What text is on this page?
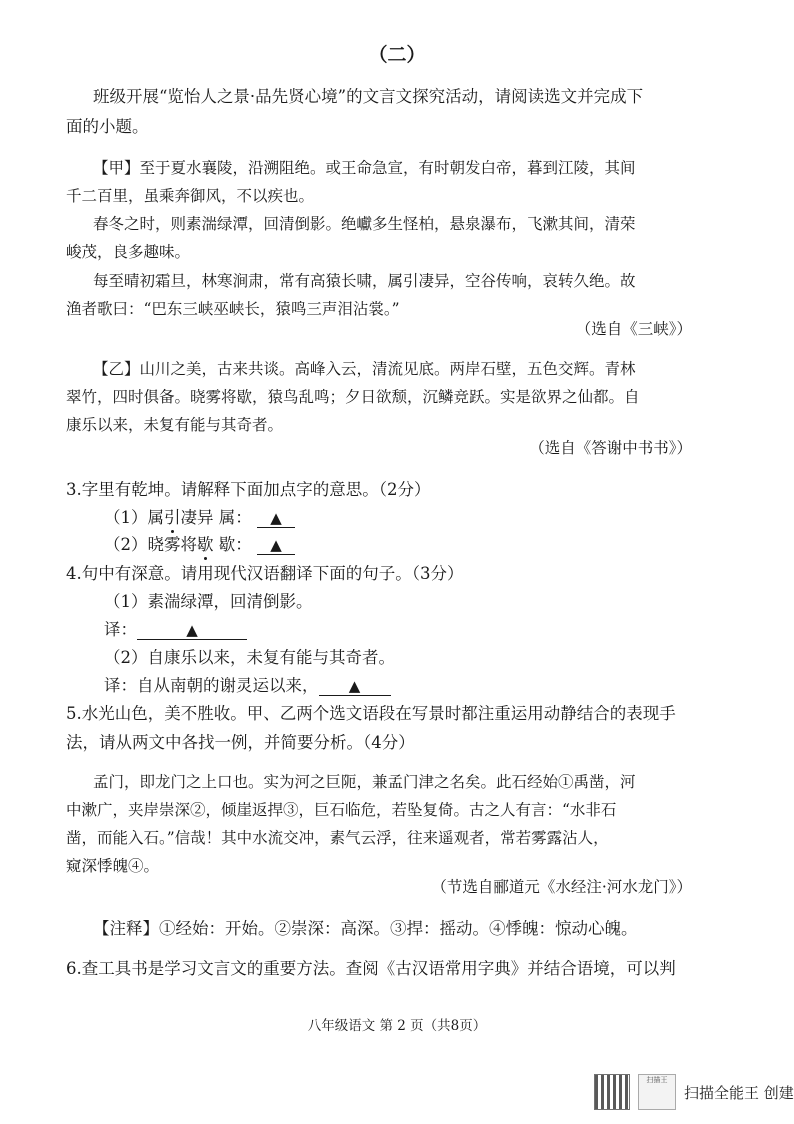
（二）
班级开展“览怡人之景·品先贤心境”的文言文探究活动，请阅读选文并完成下
面的小题。
【甲】至于夏水襄陵，沿溯阻绝。或王命急宣，有时朝发白帝，暮到江陵，其间
千二百里，虽乘奔御风，不以疾也。
春冬之时，则素湍绿潭，回清倒影。绝巘多生怪柏，悬泉瀑布，飞漱其间，清荣
峻茂，良多趣味。
每至晴初霜旦，林寒涧肃，常有高猿长啸，属引凄异，空谷传响，哀转久绝。故
渔者歌曰：“巴东三峡巫峡长，猿鸣三声泪沾裳。”
（选自《三峡》）
【乙】山川之美，古来共谈。高峰入云，清流见底。两岸石壁，五色交辉。青林
翠竹，四时俱备。晓雾将歇，猿鸟乱鸣；夕日欲颓，沉鳞竞跃。实是欲界之仙都。自
康乐以来，未复有能与其奇者。
（选自《答谢中书书》）
3.字里有乾坤。请解释下面加点字的意思。（2分）
（1）属引凄异 属： ▲
（2）晓雾将歇 歇： ▲
4.句中有深意。请用现代汉语翻译下面的句子。（3分）
（1）素湍绿潭，回清倒影。
译：	▲
（2）自康乐以来，未复有能与其奇者。
译：自从南朝的谢灵运以来， ▲
5.水光山色，美不胜收。甲、乙两个选文语段在写景时都注重运用动静结合的表现手
法，请从两文中各找一例，并简要分析。（4分）
孟门，即龙门之上口也。实为河之巨阨，兼孟门津之名矣。此石经始①禹凿，河
中漱广，夹岸崇深②，倾崖返捍③，巨石临危，若坠复倚。古之人有言：“水非石
凿，而能入石。”信哉！其中水流交冲，素气云浮，往来遥观者，常若雾露沾人，
窥深悸魄④。
（节选自郦道元《水经注·河水龙门》）
【注释】①经始：开始。②崇深：高深。③捍：摇动。④悸魄：惊动心魄。
6.查工具书是学习文言文的重要方法。查阅《古汉语常用字典》并结合语境，可以判
八年级语文 第 2 页（共8页）
扫描王
扫描全能王 创建
